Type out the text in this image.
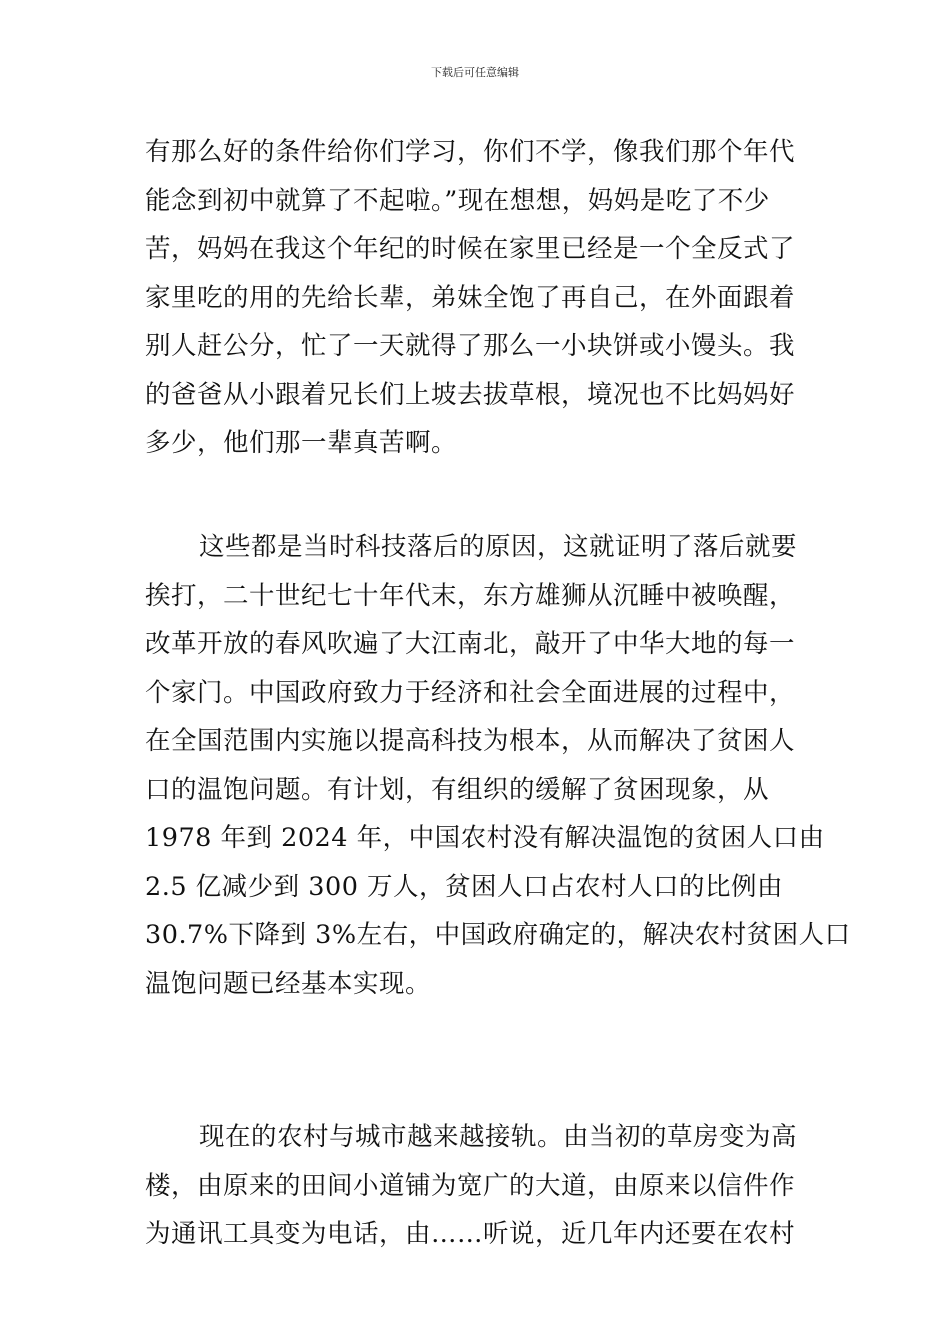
下载后可任意编辑
有那么好的条件给你们学习，你们不学，像我们那个年代
能念到初中就算了不起啦。”现在想想，妈妈是吃了不少
苦，妈妈在我这个年纪的时候在家里已经是一个全反式了
家里吃的用的先给长辈，弟妹全饱了再自己，在外面跟着
别人赶公分，忙了一天就得了那么一小块饼或小馒头。我
的爸爸从小跟着兄长们上坡去拔草根，境况也不比妈妈好
多少，他们那一辈真苦啊。
这些都是当时科技落后的原因，这就证明了落后就要
挨打，二十世纪七十年代末，东方雄狮从沉睡中被唤醒，
改革开放的春风吹遍了大江南北，敲开了中华大地的每一
个家门。中国政府致力于经济和社会全面进展的过程中，
在全国范围内实施以提高科技为根本，从而解决了贫困人
口的温饱问题。有计划，有组织的缓解了贫困现象，从
1978 年到 2024 年，中国农村没有解决温饱的贫困人口由
2.5 亿减少到 300 万人，贫困人口占农村人口的比例由
30.7%下降到 3%左右，中国政府确定的，解决农村贫困人口
温饱问题已经基本实现。
现在的农村与城市越来越接轨。由当初的草房变为高
楼，由原来的田间小道铺为宽广的大道，由原来以信件作
为通讯工具变为电话，由……听说，近几年内还要在农村
